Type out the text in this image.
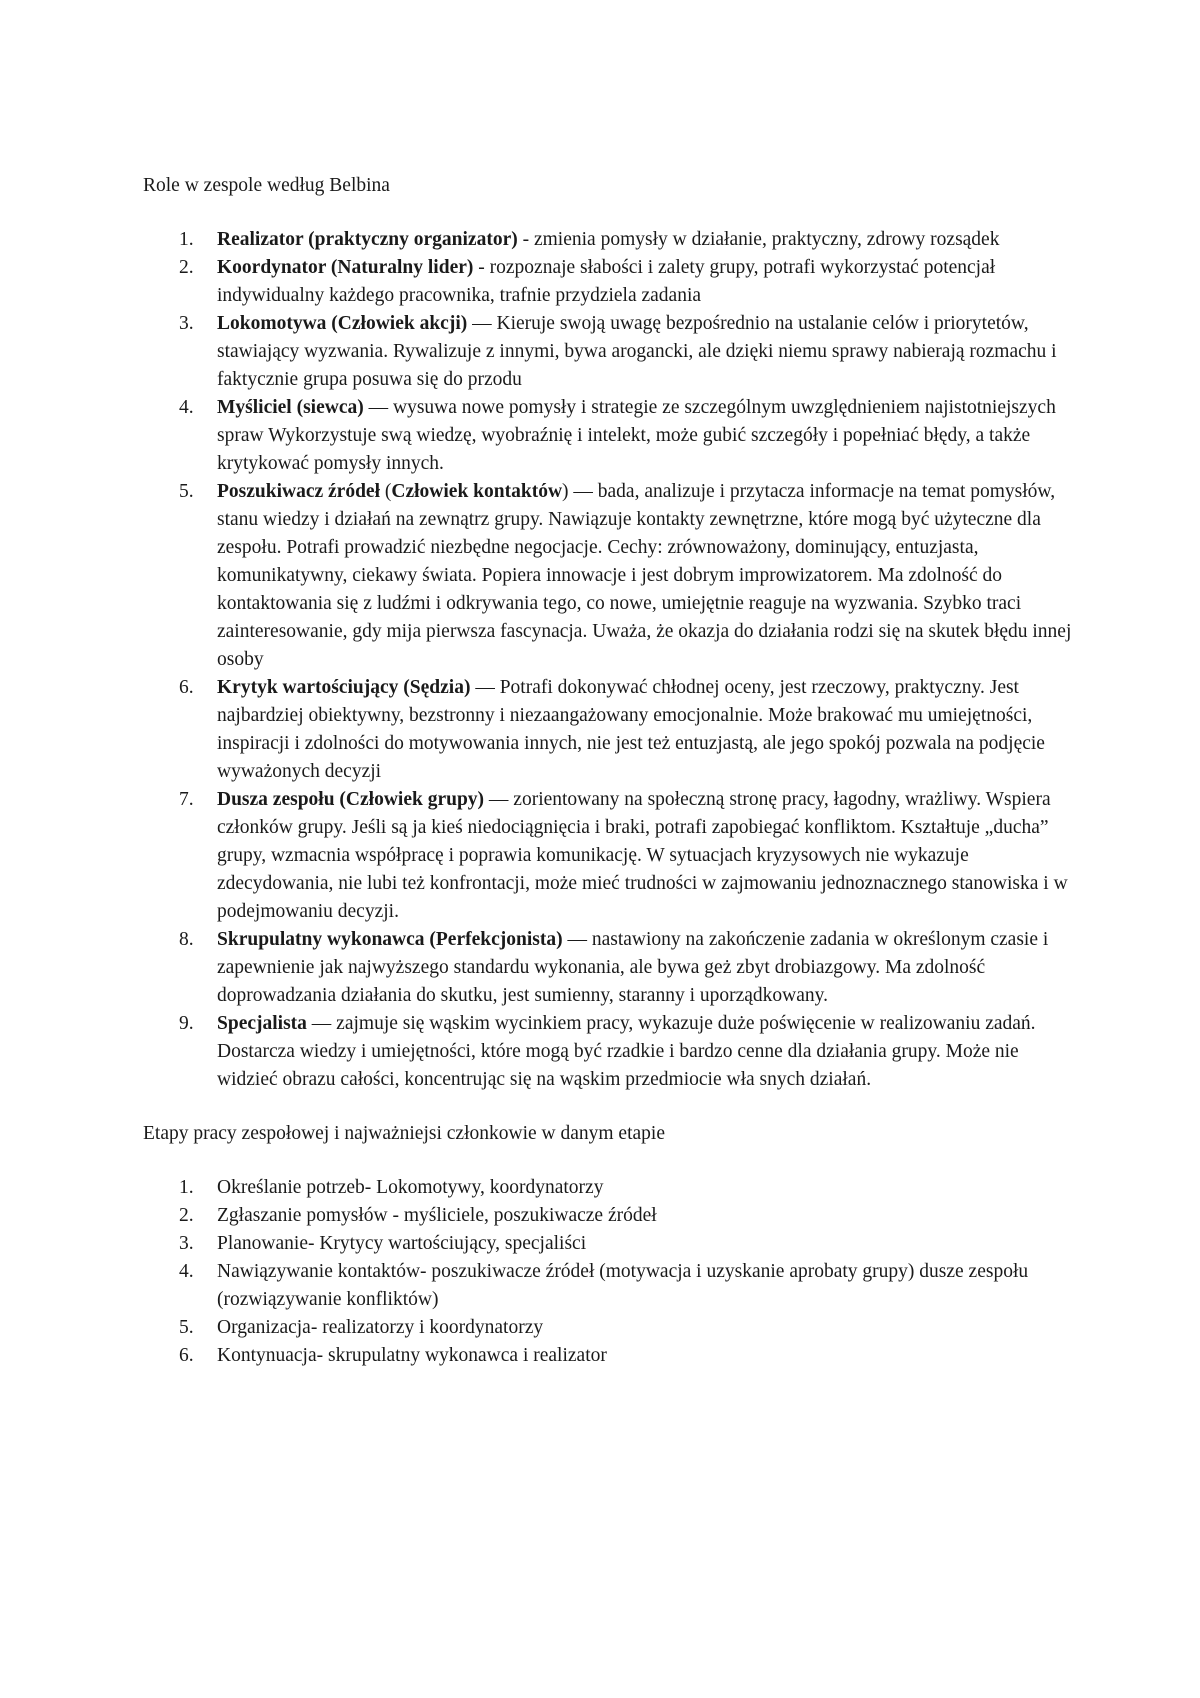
Role w zespole według Belbina

1.	Realizator (praktyczny organizator) - zmienia pomysły w działanie, praktyczny, zdrowy rozsądek
2.	Koordynator (Naturalny lider) - rozpoznaje słabości i zalety grupy, potrafi wykorzystać potencjał indywidualny każdego pracownika, trafnie przydziela zadania
3.	Lokomotywa (Człowiek akcji) — Kieruje swoją uwagę bezpośrednio na ustalanie celów i priorytetów, stawiający wyzwania. Rywalizuje z innymi, bywa arogancki, ale dzięki niemu sprawy nabierają rozmachu i faktycznie grupa posuwa się do przodu
4.	Myśliciel (siewca) — wysuwa nowe pomysły i strategie ze szczególnym uwzględnieniem najistotniejszych spraw Wykorzystuje swą wiedzę, wyobraźnię i intelekt, może gubić szczegóły i popełniać błędy, a także krytykować pomysły innych.
5.	Poszukiwacz źródeł (Człowiek kontaktów) — bada, analizuje i przytacza informacje na temat pomysłów, stanu wiedzy i działań na zewnątrz grupy. Nawiązuje kontakty zewnętrzne, które mogą być użyteczne dla zespołu. Potrafi prowadzić niezbędne negocjacje. Cechy: zrównoważony, dominujący, entuzjasta, komunikatywny, ciekawy świata. Popiera innowacje i jest dobrym improwizatorem. Ma zdolność do kontaktowania się z ludźmi i odkrywania tego, co nowe, umiejętnie reaguje na wyzwania. Szybko traci zainteresowanie, gdy mija pierwsza fascynacja. Uważa, że okazja do działania rodzi się na skutek błędu innej osoby
6.	Krytyk wartościujący (Sędzia) — Potrafi dokonywać chłodnej oceny, jest rzeczowy, praktyczny. Jest najbardziej obiektywny, bezstronny i niezaangażowany emocjonalnie. Może brakować mu umiejętności, inspiracji i zdolności do motywowania innych, nie jest też entuzjastą, ale jego spokój pozwala na podjęcie wyważonych decyzji
7.	Dusza zespołu (Człowiek grupy) — zorientowany na społeczną stronę pracy, łagodny, wrażliwy. Wspiera członków grupy. Jeśli są ja kieś niedociągnięcia i braki, potrafi zapobiegać konfliktom. Kształtuje „ducha” grupy, wzmacnia współpracę i poprawia komunikację. W sytuacjach kryzysowych nie wykazuje zdecydowania, nie lubi też konfrontacji, może mieć trudności w zajmowaniu jednoznacznego stanowiska i w podejmowaniu decyzji.
8.	Skrupulatny wykonawca (Perfekcjonista) — nastawiony na zakończenie zadania w określonym czasie i zapewnienie jak najwyższego standardu wykonania, ale bywa geż zbyt drobiazgowy. Ma zdolność doprowadzania działania do skutku, jest sumienny, staranny i uporządkowany.
9.	Specjalista — zajmuje się wąskim wycinkiem pracy, wykazuje duże poświęcenie w realizowaniu zadań. Dostarcza wiedzy i umiejętności, które mogą być rzadkie i bardzo cenne dla działania grupy. Może nie widzieć obrazu całości, koncentrując się na wąskim przedmiocie wła snych działań.

Etapy pracy zespołowej i najważniejsi członkowie w danym etapie

1.	Określanie potrzeb- Lokomotywy, koordynatorzy
2.	Zgłaszanie pomysłów - myśliciele, poszukiwacze źródeł
3.	Planowanie- Krytycy wartościujący, specjaliści
4.	Nawiązywanie kontaktów- poszukiwacze źródeł (motywacja i uzyskanie aprobaty grupy) dusze zespołu (rozwiązywanie konfliktów)
5.	Organizacja- realizatorzy i koordynatorzy
6.	Kontynuacja- skrupulatny wykonawca i realizator
